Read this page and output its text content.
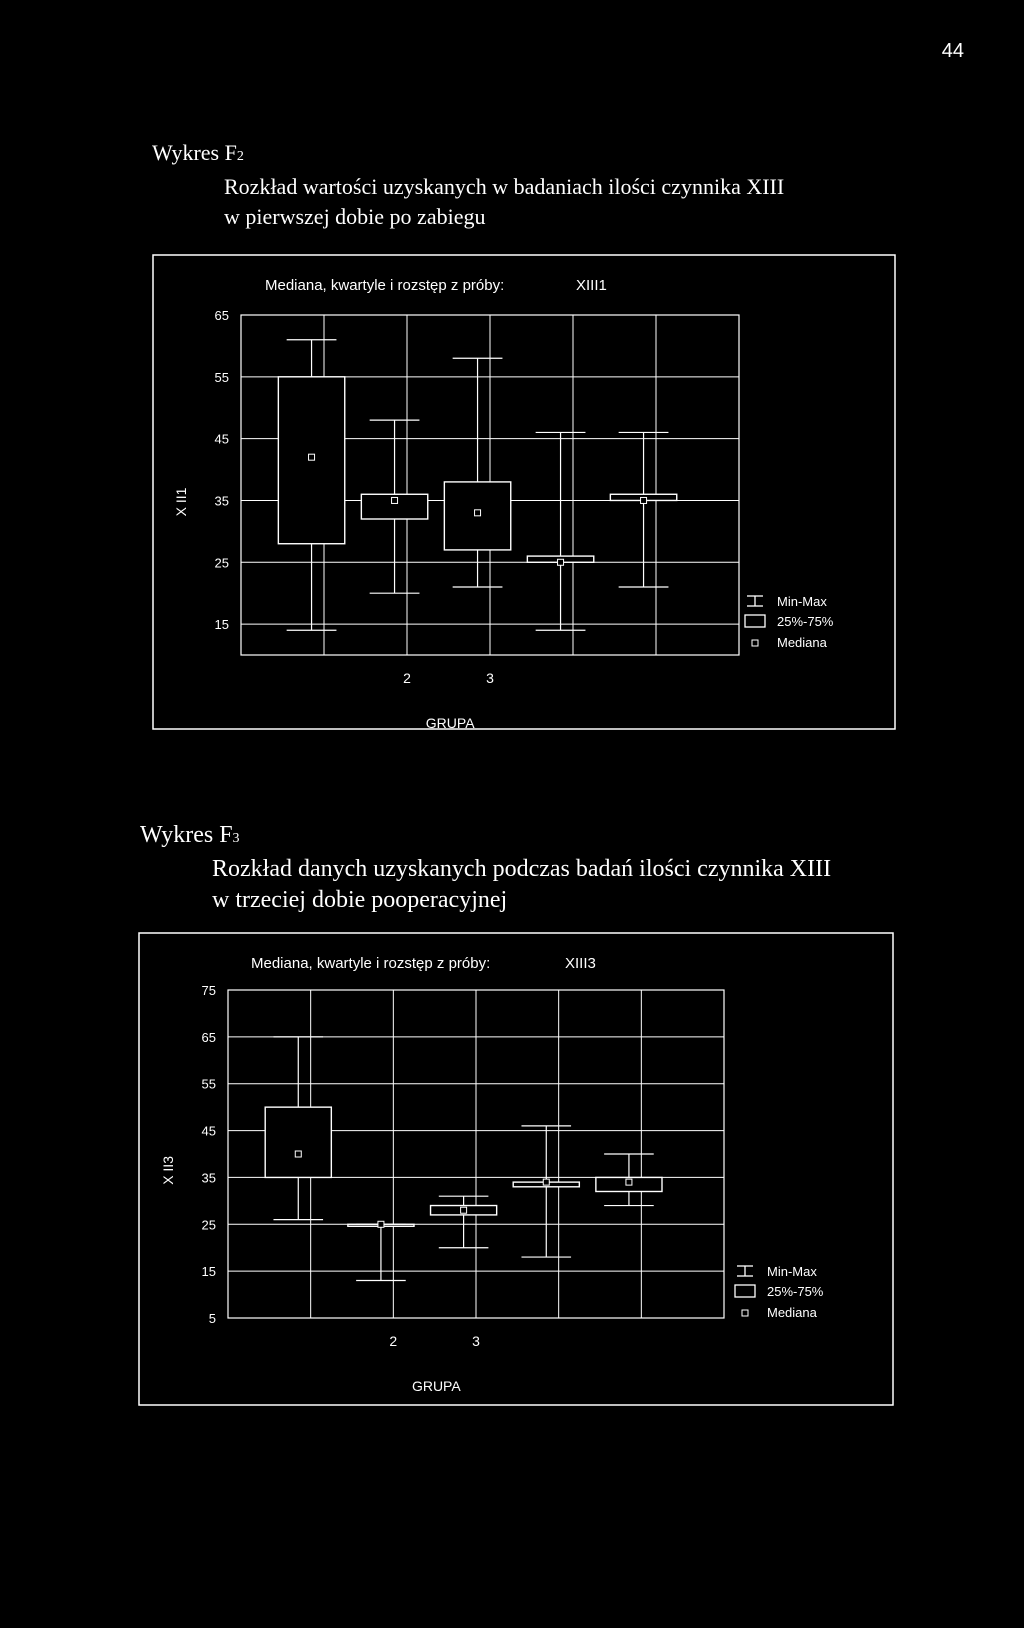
44
Wykres F2
Rozkład wartości uzyskanych w badaniach ilości czynnika XIII
w pierwszej dobie po zabiegu
Wykres F3
Rozkład danych uzyskanych podczas badań ilości czynnika XIII
w trzeciej dobie pooperacyjnej
Mediana, kwartyle i rozstęp z próby:	XIII1
15
25
35
45
55
65
2	3
GRUPA
X II1
Min-Max
25%-75%
Mediana
Mediana, kwartyle i rozstęp z próby:	XIII3
5
15
25
35
45
55
65
75
2	3
GRUPA
X II3
Min-Max
25%-75%
Mediana
